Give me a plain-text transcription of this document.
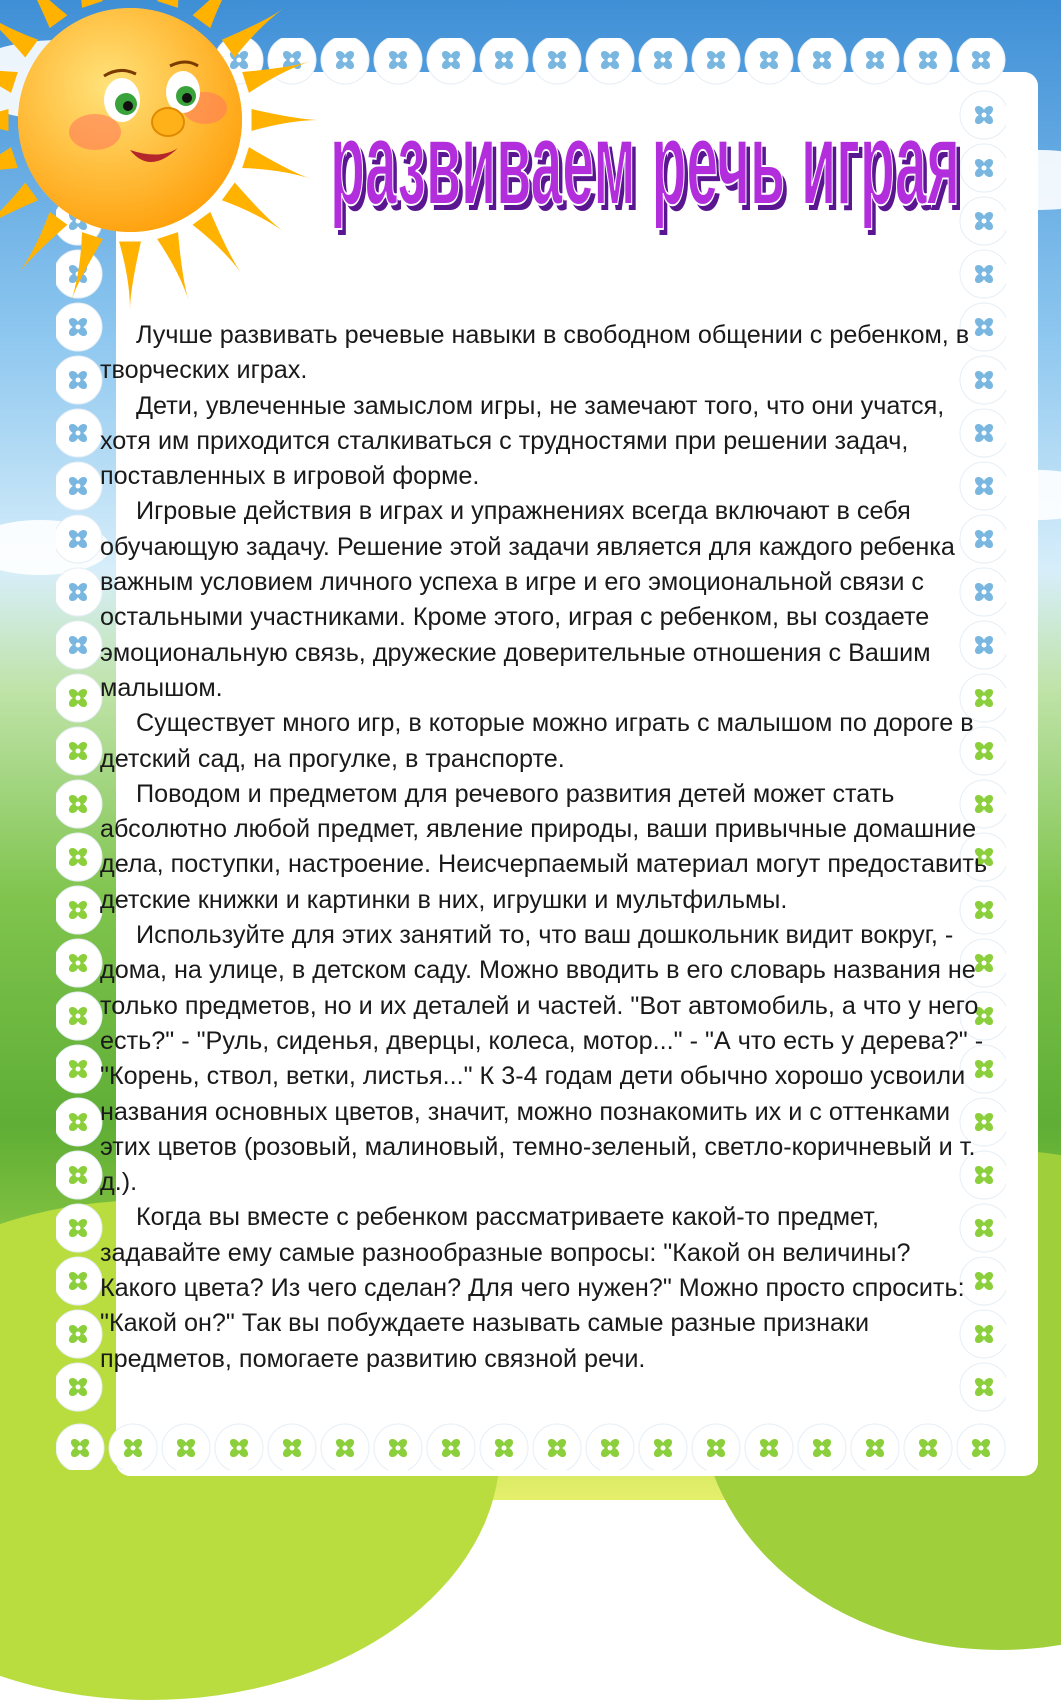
развиваем речь играя
развиваем речь играя

Лучше развивать речевые навыки в свободном общении с ребенком, в творческих играх.

Дети, увлеченные замыслом игры, не замечают того, что они учатся, хотя им приходится сталкиваться с трудностями при решении задач, поставленных в игровой форме.

Игровые действия в играх и упражнениях всегда включают в себя обучающую задачу. Решение этой задачи является для каждого ребенка важным условием личного успеха в игре и его эмоциональной связи с остальными участниками. Кроме этого, играя с ребенком, вы создаете эмоциональную связь, дружеские доверительные отношения с Вашим малышом.

Существует много игр, в которые можно играть с малышом по дороге в детский сад, на прогулке, в транспорте.

Поводом и предметом для речевого развития детей может стать абсолютно любой предмет, явление природы, ваши привычные домашние дела, поступки, настроение. Неисчерпаемый материал могут предоставить детские книжки и картинки в них, игрушки и мультфильмы.

Используйте для этих занятий то, что ваш дошкольник видит вокруг, - дома, на улице, в детском саду. Можно вводить в его словарь названия не только предметов, но и их деталей и частей. "Вот автомобиль, а что у него есть?" - "Руль, сиденья, дверцы, колеса, мотор..." - "А что есть у дерева?" - "Корень, ствол, ветки, листья..." К 3-4 годам дети обычно хорошо усвоили названия основных цветов, значит, можно познакомить их и с оттенками этих цветов (розовый, малиновый, темно-зеленый, светло-коричневый и т. д.).

Когда вы вместе с ребенком рассматриваете какой-то предмет, задавайте ему самые разнообразные вопросы: "Какой он величины? Какого цвета? Из чего сделан? Для чего нужен?" Можно просто спросить: "Какой он?" Так вы побуждаете называть самые разные признаки предметов, помогаете развитию связной речи.
